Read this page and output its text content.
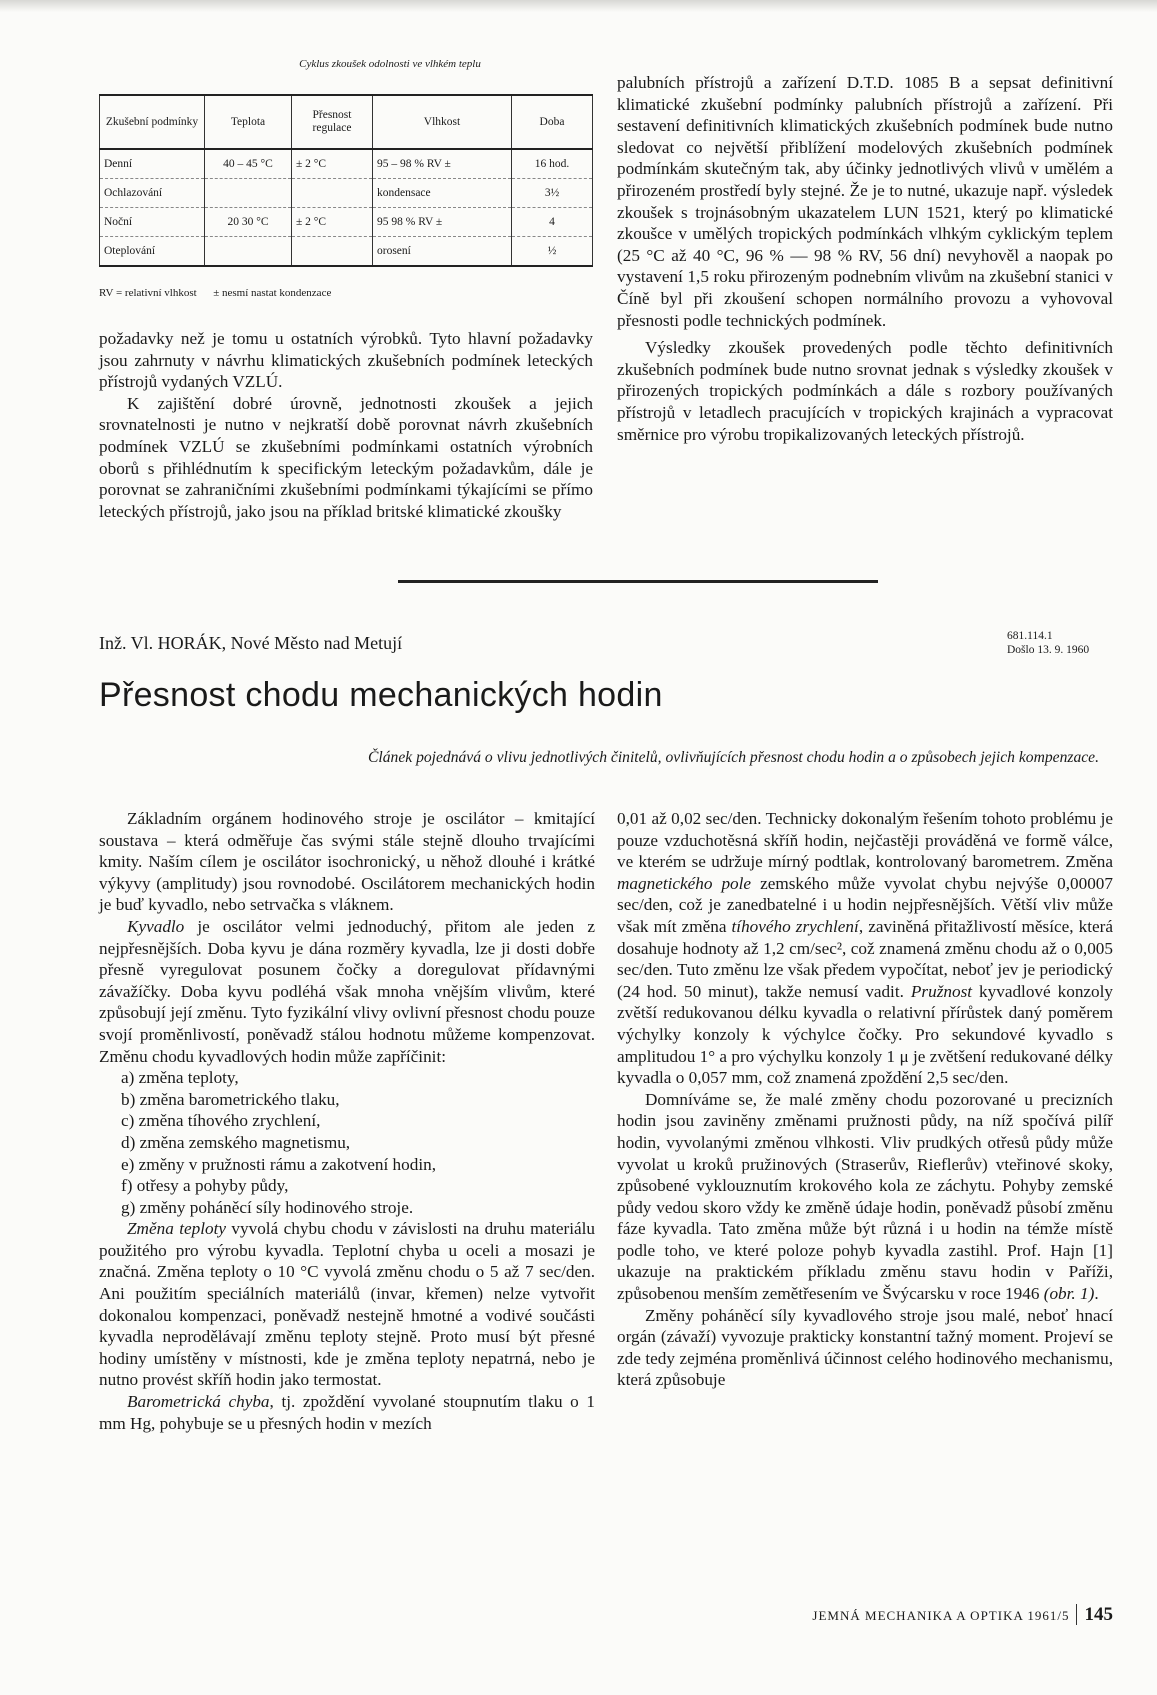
Cyklus zkoušek odolnosti ve vlhkém teplu
Zkušební podmínky	Teplota	Přesnost regulace	Vlhkost	Doba
Denní	40 – 45 °C	± 2 °C	95 – 98 % RV ±	16 hod.
Ochlazování			kondensace	3½
Noční	20 30 °C	± 2 °C	95 98 % RV ±	4
Oteplování			orosení	½
RV = relativní vlhkost      ± nesmí nastat kondenzace

požadavky než je tomu u ostatních výrobků. Tyto hlavní požadavky jsou zahrnuty v návrhu klimatických zkušebních podmínek leteckých přístrojů vydaných VZLÚ.

K zajištění dobré úrovně, jednotnosti zkoušek a jejich srovnatelnosti je nutno v nejkratší době porovnat návrh zkušebních podmínek VZLÚ se zkušebními podmínkami ostatních výrobních oborů s přihlédnutím k specifickým leteckým požadavkům, dále je porovnat se zahraničními zkušebními podmínkami týkajícími se přímo leteckých přístrojů, jako jsou na příklad britské klimatické zkoušky

palubních přístrojů a zařízení D.T.D. 1085 B a sepsat definitivní klimatické zkušební podmínky palubních přístrojů a zařízení. Při sestavení definitivních klimatických zkušebních podmínek bude nutno sledovat co největší přiblížení modelových zkušebních podmínek podmínkám skutečným tak, aby účinky jednotlivých vlivů v umělém a přirozeném prostředí byly stejné. Že je to nutné, ukazuje např. výsledek zkoušek s trojnásobným ukazatelem LUN 1521, který po klimatické zkoušce v umělých tropických podmínkách vlhkým cyklickým teplem (25 °C až 40 °C, 96 % — 98 % RV, 56 dní) nevyhověl a naopak po vystavení 1,5 roku přirozeným podnebním vlivům na zkušební stanici v Číně byl při zkoušení schopen normálního provozu a vyhovoval přesnosti podle technických podmínek.

Výsledky zkoušek provedených podle těchto definitivních zkušebních podmínek bude nutno srovnat jednak s výsledky zkoušek v přirozených tropických podmínkách a dále s rozbory používaných přístrojů v letadlech pracujících v tropických krajinách a vypracovat směrnice pro výrobu tropikalizovaných leteckých přístrojů.

Inž. Vl. HORÁK, Nové Město nad Metují	681.114.1
Došlo 13. 9. 1960
Přesnost chodu mechanických hodin
Článek pojednává o vlivu jednotlivých činitelů, ovlivňujících přesnost chodu hodin a o způsobech jejich kompenzace.

Základním orgánem hodinového stroje je oscilátor – kmitající soustava – která odměřuje čas svými stále stejně dlouho trvajícími kmity. Naším cílem je oscilátor isochronický, u něhož dlouhé i krátké výkyvy (amplitudy) jsou rovnodobé. Oscilátorem mechanických hodin je buď kyvadlo, nebo setrvačka s vláknem.

Kyvadlo je oscilátor velmi jednoduchý, přitom ale jeden z nejpřesnějších. Doba kyvu je dána rozměry kyvadla, lze ji dosti dobře přesně vyregulovat posunem čočky a doregulovat přídavnými závažíčky. Doba kyvu podléhá však mnoha vnějším vlivům, které způsobují její změnu. Tyto fyzikální vlivy ovlivní přesnost chodu pouze svojí proměnlivostí, poněvadž stálou hodnotu můžeme kompenzovat. Změnu chodu kyvadlových hodin může zapříčinit:

a) změna teploty,
b) změna barometrického tlaku,
c) změna tíhového zrychlení,
d) změna zemského magnetismu,
e) změny v pružnosti rámu a zakotvení hodin,
f) otřesy a pohyby půdy,
g) změny poháněcí síly hodinového stroje.

Změna teploty vyvolá chybu chodu v závislosti na druhu materiálu použitého pro výrobu kyvadla. Teplotní chyba u oceli a mosazi je značná. Změna teploty o 10 °C vyvolá změnu chodu o 5 až 7 sec/den. Ani použitím speciálních materiálů (invar, křemen) nelze vytvořit dokonalou kompenzaci, poněvadž nestejně hmotné a vodivé součásti kyvadla neprodělávají změnu teploty stejně. Proto musí být přesné hodiny umístěny v místnosti, kde je změna teploty nepatrná, nebo je nutno provést skříň hodin jako termostat.

Barometrická chyba, tj. zpoždění vyvolané stoupnutím tlaku o 1 mm Hg, pohybuje se u přesných hodin v mezích

0,01 až 0,02 sec/den. Technicky dokonalým řešením tohoto problému je pouze vzduchotěsná skříň hodin, nejčastěji prováděná ve formě válce, ve kterém se udržuje mírný podtlak, kontrolovaný barometrem. Změna magnetického pole zemského může vyvolat chybu nejvýše 0,00007 sec/den, což je zanedbatelné i u hodin nejpřesnějších. Větší vliv může však mít změna tíhového zrychlení, zaviněná přitažlivostí měsíce, která dosahuje hodnoty až 1,2 cm/sec², což znamená změnu chodu až o 0,005 sec/den. Tuto změnu lze však předem vypočítat, neboť jev je periodický (24 hod. 50 minut), takže nemusí vadit. Pružnost kyvadlové konzoly zvětší redukovanou délku kyvadla o relativní přírůstek daný poměrem výchylky konzoly k výchylce čočky. Pro sekundové kyvadlo s amplitudou 1° a pro výchylku konzoly 1 μ je zvětšení redukované délky kyvadla o 0,057 mm, což znamená zpoždění 2,5 sec/den.

Domníváme se, že malé změny chodu pozorované u precizních hodin jsou zaviněny změnami pružnosti půdy, na níž spočívá pilíř hodin, vyvolanými změnou vlhkosti. Vliv prudkých otřesů půdy může vyvolat u kroků pružinových (Straserův, Rieflerův) vteřinové skoky, způsobené vyklouznutím krokového kola ze záchytu. Pohyby zemské půdy vedou skoro vždy ke změně údaje hodin, poněvadž působí změnu fáze kyvadla. Tato změna může být různá i u hodin na témže místě podle toho, ve které poloze pohyb kyvadla zastihl. Prof. Hajn [1] ukazuje na praktickém příkladu změnu stavu hodin v Paříži, způsobenou menším zemětřesením ve Švýcarsku v roce 1946 (obr. 1).

Změny poháněcí síly kyvadlového stroje jsou malé, neboť hnací orgán (závaží) vyvozuje prakticky konstantní tažný moment. Projeví se zde tedy zejména proměnlivá účinnost celého hodinového mechanismu, která způsobuje

JEMNÁ MECHANIKA A OPTIKA 1961/5 145
